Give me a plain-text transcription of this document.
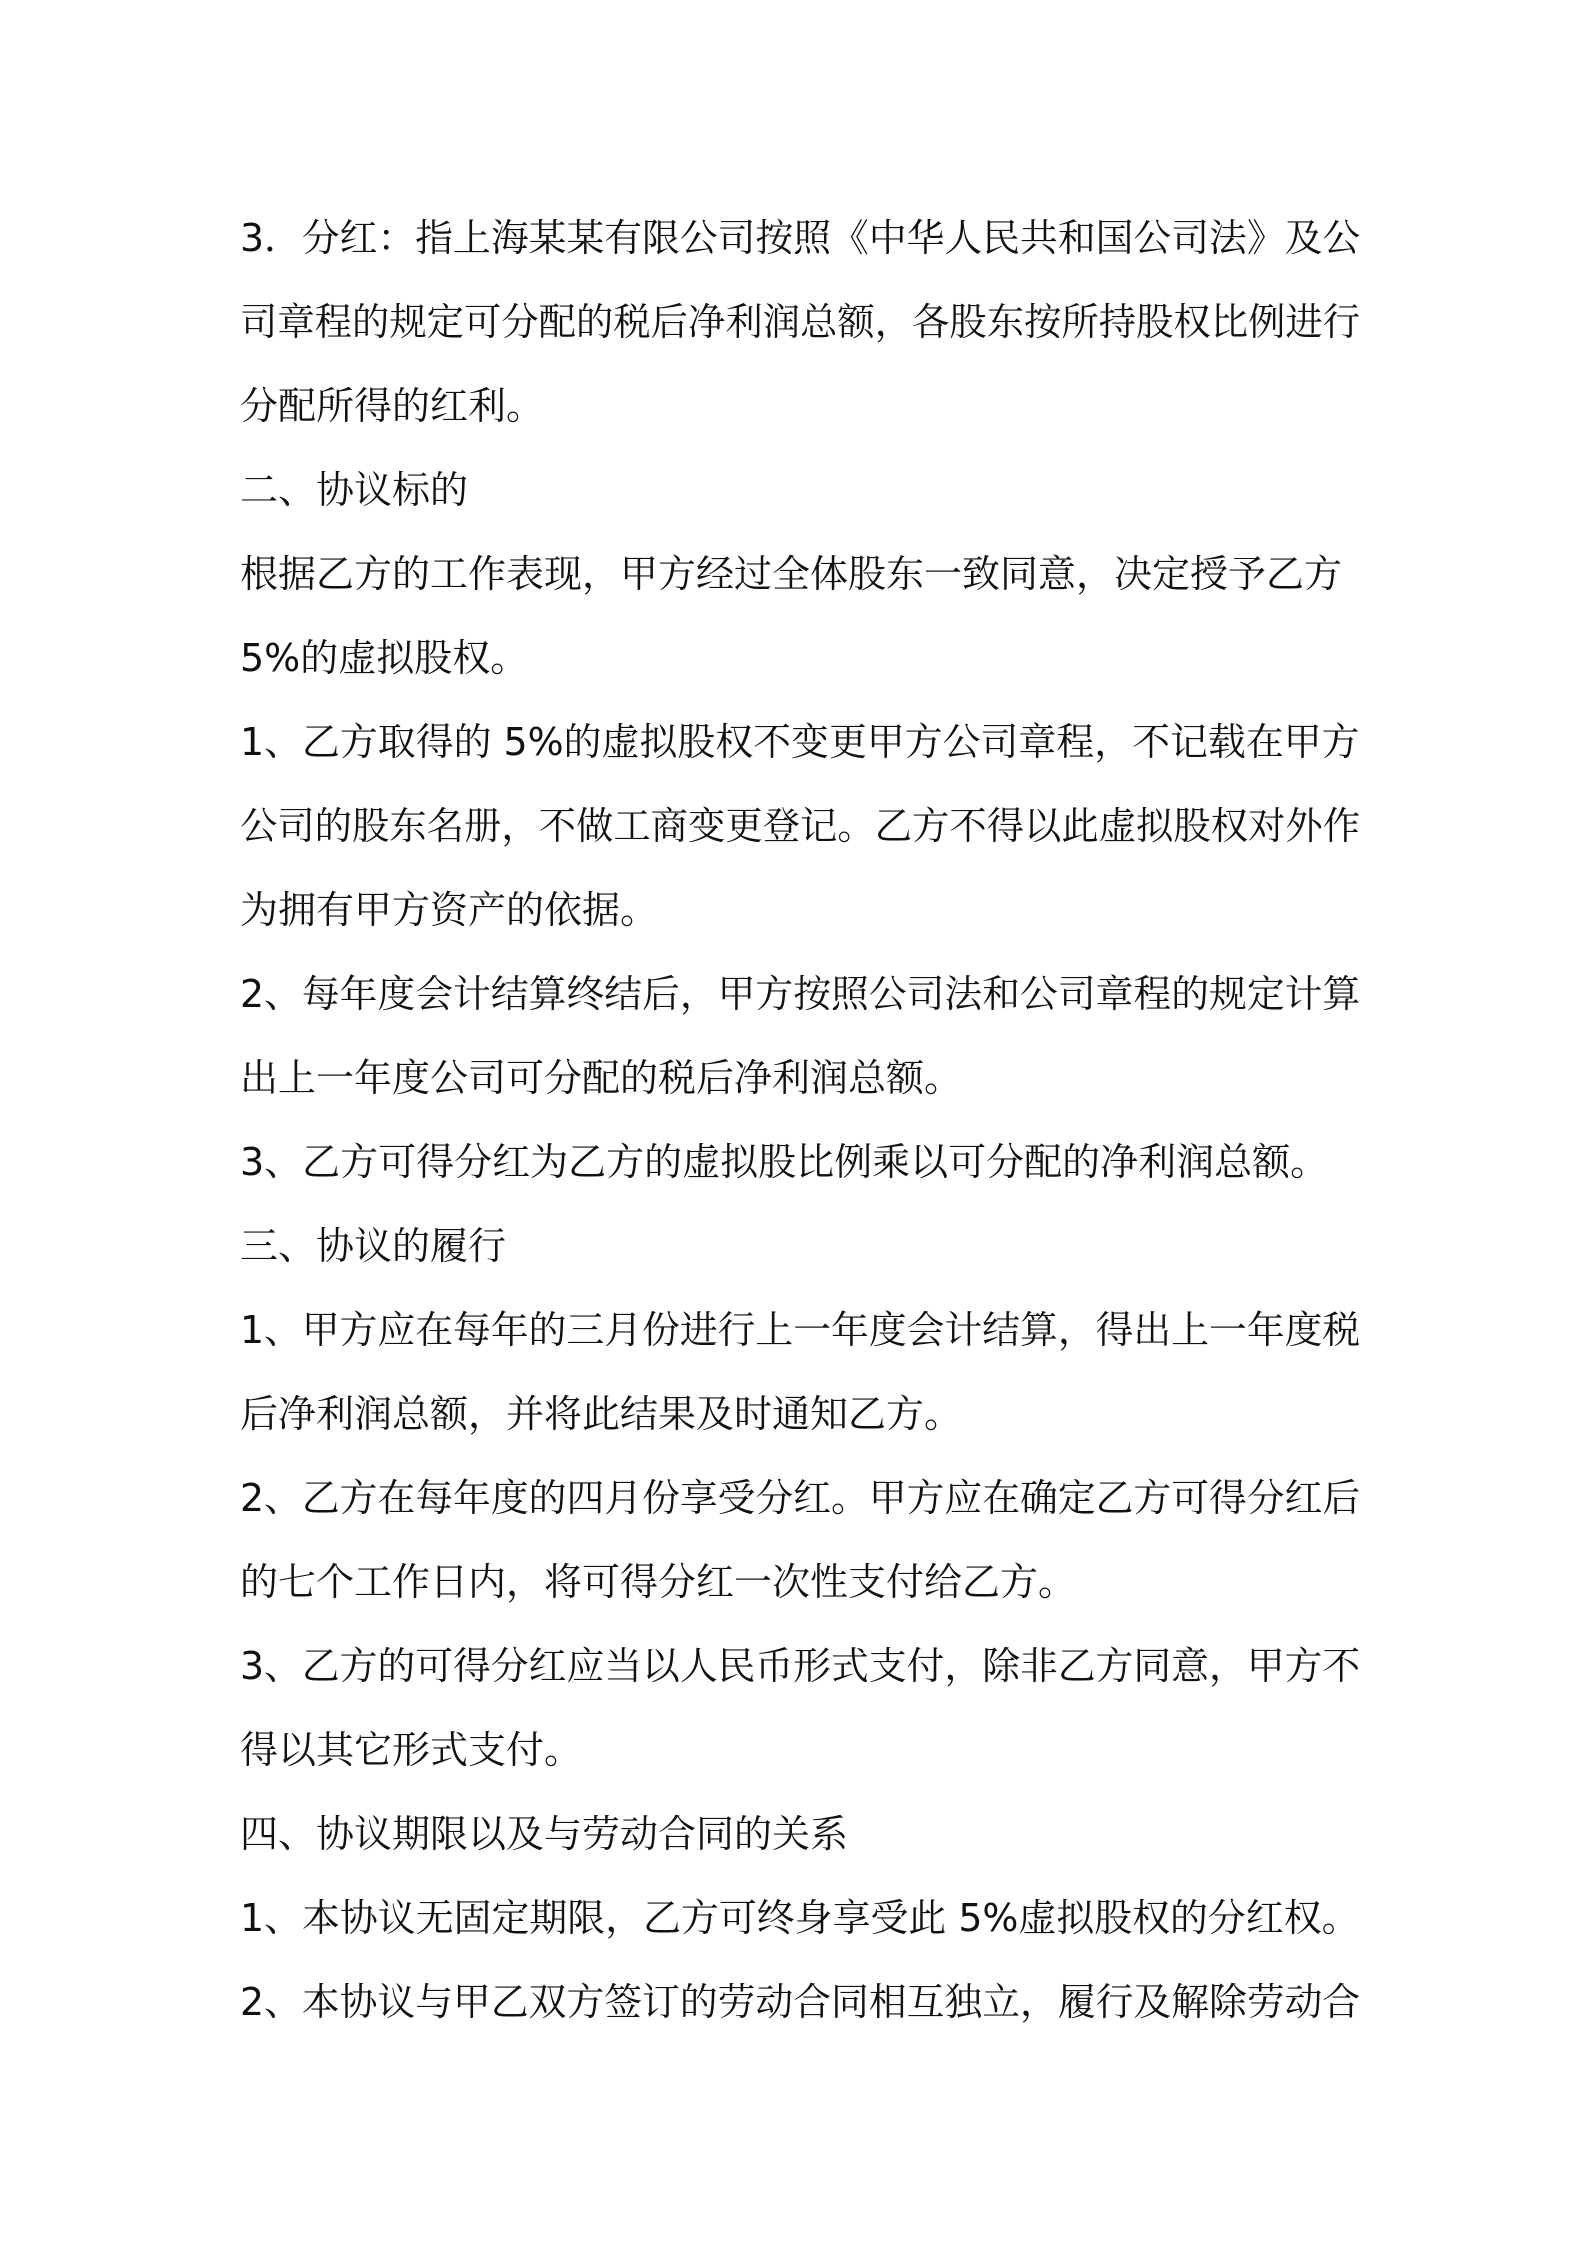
3．分红：指上海某某有限公司按照《中华人民共和国公司法》及公

司章程的规定可分配的税后净利润总额，各股东按所持股权比例进行

分配所得的红利。

二、协议标的

根据乙方的工作表现，甲方经过全体股东一致同意，决定授予乙方

5%的虚拟股权。

1、乙方取得的 5%的虚拟股权不变更甲方公司章程，不记载在甲方

公司的股东名册，不做工商变更登记。乙方不得以此虚拟股权对外作

为拥有甲方资产的依据。

2、每年度会计结算终结后，甲方按照公司法和公司章程的规定计算

出上一年度公司可分配的税后净利润总额。

3、乙方可得分红为乙方的虚拟股比例乘以可分配的净利润总额。

三、协议的履行

1、甲方应在每年的三月份进行上一年度会计结算，得出上一年度税

后净利润总额，并将此结果及时通知乙方。

2、乙方在每年度的四月份享受分红。甲方应在确定乙方可得分红后

的七个工作日内，将可得分红一次性支付给乙方。

3、乙方的可得分红应当以人民币形式支付，除非乙方同意，甲方不

得以其它形式支付。

四、协议期限以及与劳动合同的关系

1、本协议无固定期限，乙方可终身享受此 5%虚拟股权的分红权。

2、本协议与甲乙双方签订的劳动合同相互独立，履行及解除劳动合
